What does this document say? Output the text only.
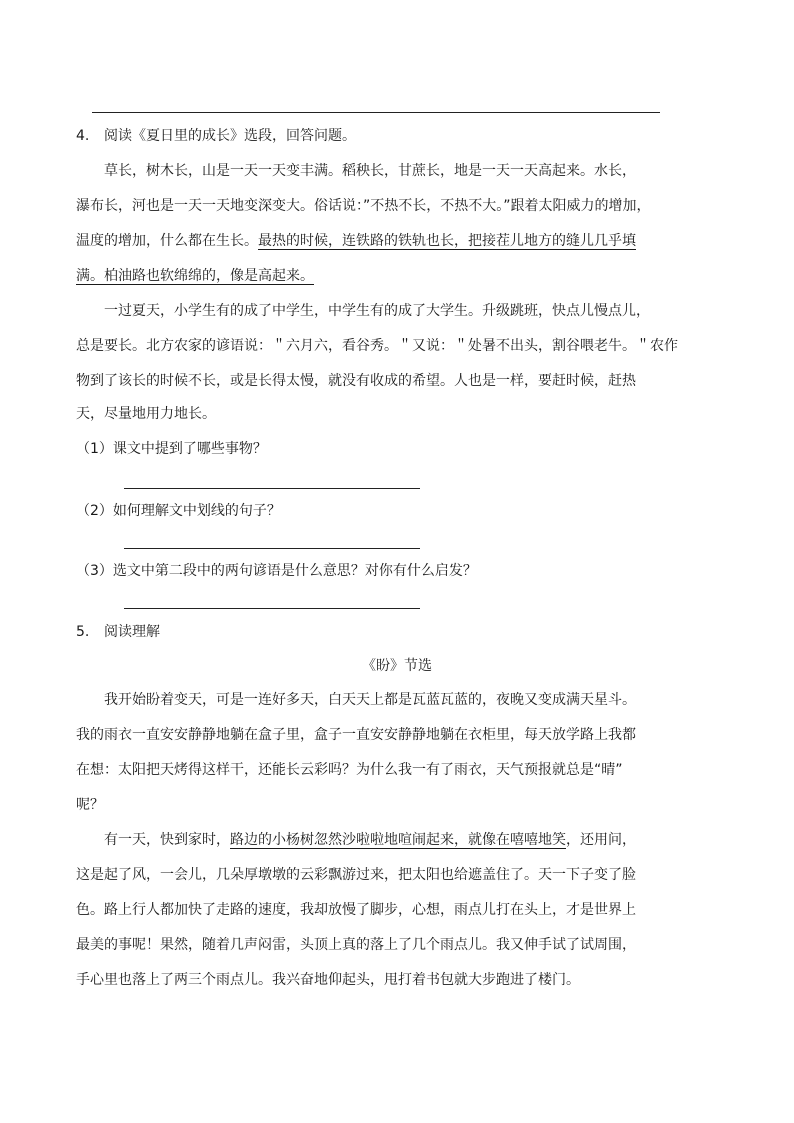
4. 阅读《夏日里的成长》选段，回答问题。
草长，树木长，山是一天一天变丰满。稻秧长，甘蔗长，地是一天一天高起来。水长，
瀑布长，河也是一天一天地变深变大。俗话说：”不热不长，不热不大。”跟着太阳威力的增加，
温度的增加，什么都在生长。最热的时候，连铁路的铁轨也长，把接茬儿地方的缝儿几乎填
满。柏油路也软绵绵的，像是高起来。
一过夏天，小学生有的成了中学生，中学生有的成了大学生。升级跳班，快点儿慢点儿，
总是要长。北方农家的谚语说：＂六月六，看谷秀。＂又说：＂处暑不出头，割谷喂老牛。＂农作
物到了该长的时候不长，或是长得太慢，就没有收成的希望。人也是一样，要赶时候，赶热
天，尽量地用力地长。
（1）课文中提到了哪些事物？
（2）如何理解文中划线的句子？
（3）选文中第二段中的两句谚语是什么意思？对你有什么启发？
5. 阅读理解
《盼》节选
我开始盼着变天，可是一连好多天，白天天上都是瓦蓝瓦蓝的，夜晚又变成满天星斗。
我的雨衣一直安安静静地躺在盒子里，盒子一直安安静静地躺在衣柜里，每天放学路上我都
在想：太阳把天烤得这样干，还能长云彩吗？为什么我一有了雨衣，天气预报就总是“晴”
呢？
有一天，快到家时，路边的小杨树忽然沙啦啦地喧闹起来，就像在嘻嘻地笑，还用问，
这是起了风，一会儿，几朵厚墩墩的云彩飘游过来，把太阳也给遮盖住了。天一下子变了脸
色。路上行人都加快了走路的速度，我却放慢了脚步，心想，雨点儿打在头上，才是世界上
最美的事呢！果然，随着几声闷雷，头顶上真的落上了几个雨点儿。我又伸手试了试周围，
手心里也落上了两三个雨点儿。我兴奋地仰起头，甩打着书包就大步跑进了楼门。
